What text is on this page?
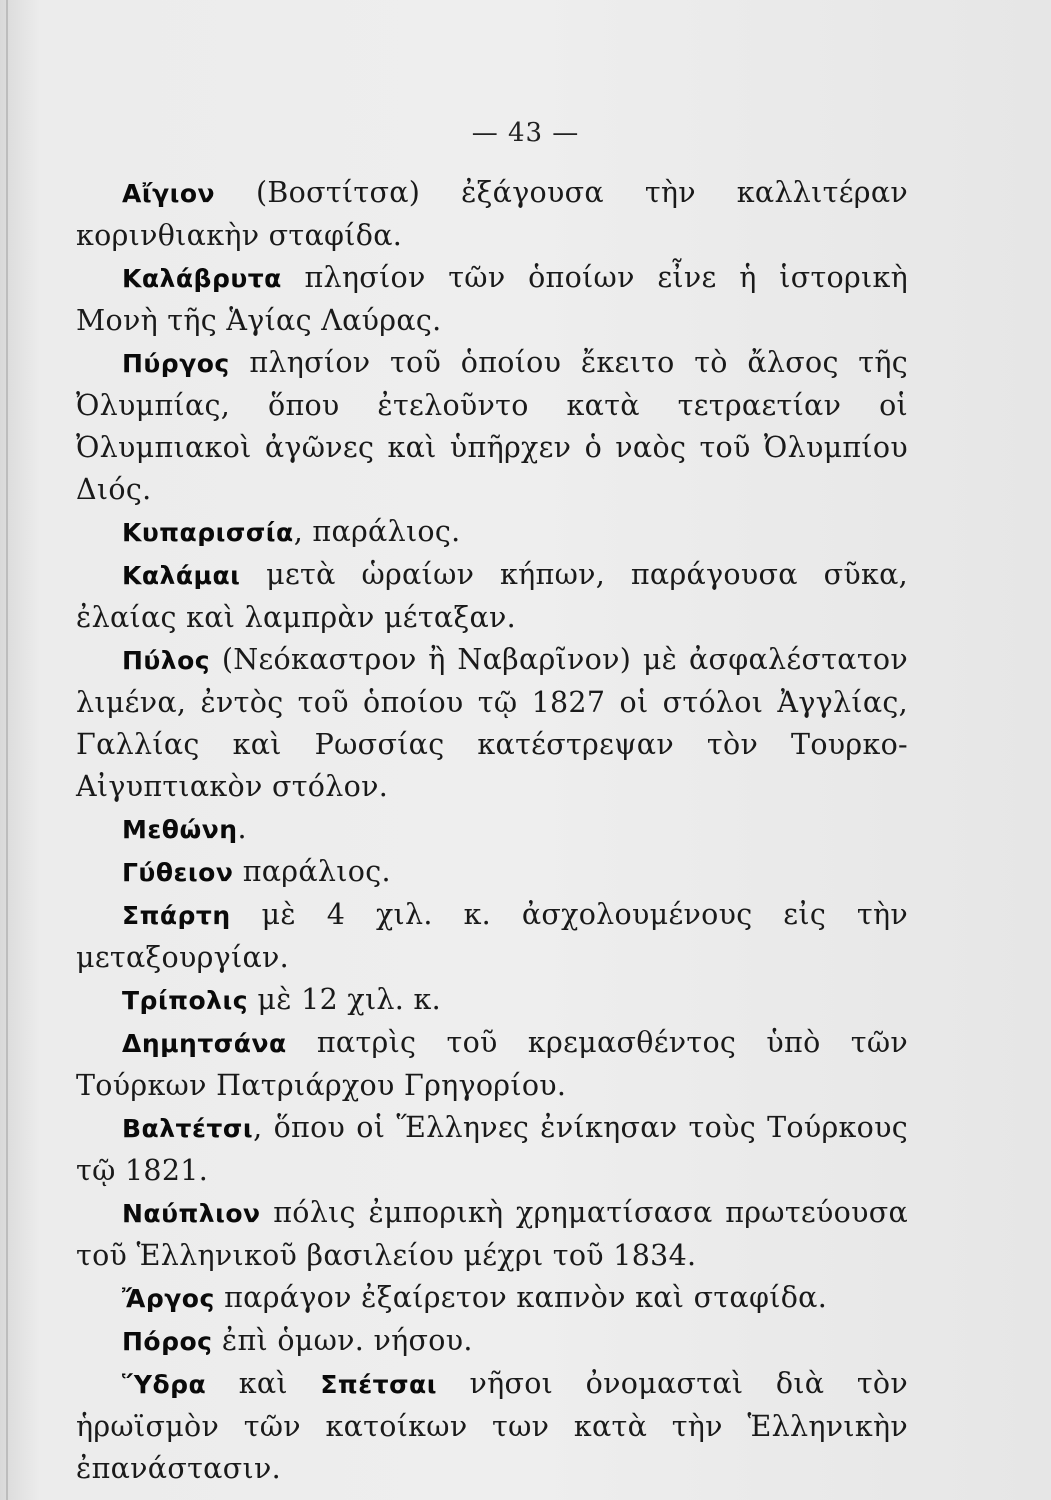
— 43 —

Αἴγιον (Βοστίτσα) ἐξάγουσα τὴν καλλιτέραν κορινθιακὴν σταφίδα.

Καλάβρυτα πλησίον τῶν ὁποίων εἶνε ἡ ἱστορικὴ Μονὴ τῆς Ἁγίας Λαύρας.

Πύργος πλησίον τοῦ ὁποίου ἔκειτο τὸ ἄλσος τῆς Ὀλυμπίας, ὅπου ἐτελοῦντο κατὰ τετραετίαν οἱ Ὀλυμπιακοὶ ἀγῶνες καὶ ὑπῆρχεν ὁ ναὸς τοῦ Ὀλυμπίου Διός.

Κυπαρισσία, παράλιος.

Καλάμαι μετὰ ὡραίων κήπων, παράγουσα σῦκα, ἐλαίας καὶ λαμπρὰν μέταξαν.

Πύλος (Νεόκαστρον ἢ Ναβαρῖνον) μὲ ἀσφαλέστατον λιμένα, ἐντὸς τοῦ ὁποίου τῷ 1827 οἱ στόλοι Ἀγγλίας, Γαλλίας καὶ Ρωσσίας κατέστρεψαν τὸν Τουρκο-Αἰγυπτιακὸν στόλον.

Μεθώνη.

Γύθειον παράλιος.

Σπάρτη μὲ 4 χιλ. κ. ἀσχολουμένους εἰς τὴν μεταξουργίαν.

Τρίπολις μὲ 12 χιλ. κ.

Δημητσάνα πατρὶς τοῦ κρεμασθέντος ὑπὸ τῶν Τούρκων Πατριάρχου Γρηγορίου.

Βαλτέτσι, ὅπου οἱ Ἕλληνες ἐνίκησαν τοὺς Τούρκους τῷ 1821.

Ναύπλιον πόλις ἐμπορικὴ χρηματίσασα πρωτεύουσα τοῦ Ἑλληνικοῦ βασιλείου μέχρι τοῦ 1834.

Ἄργος παράγον ἐξαίρετον καπνὸν καὶ σταφίδα.

Πόρος ἐπὶ ὁμων. νήσου.

Ὕδρα καὶ Σπέτσαι νῆσοι ὀνομασταὶ διὰ τὸν ἡρωϊσμὸν τῶν κατοίκων των κατὰ τὴν Ἑλληνικὴν ἐπανάστασιν.
